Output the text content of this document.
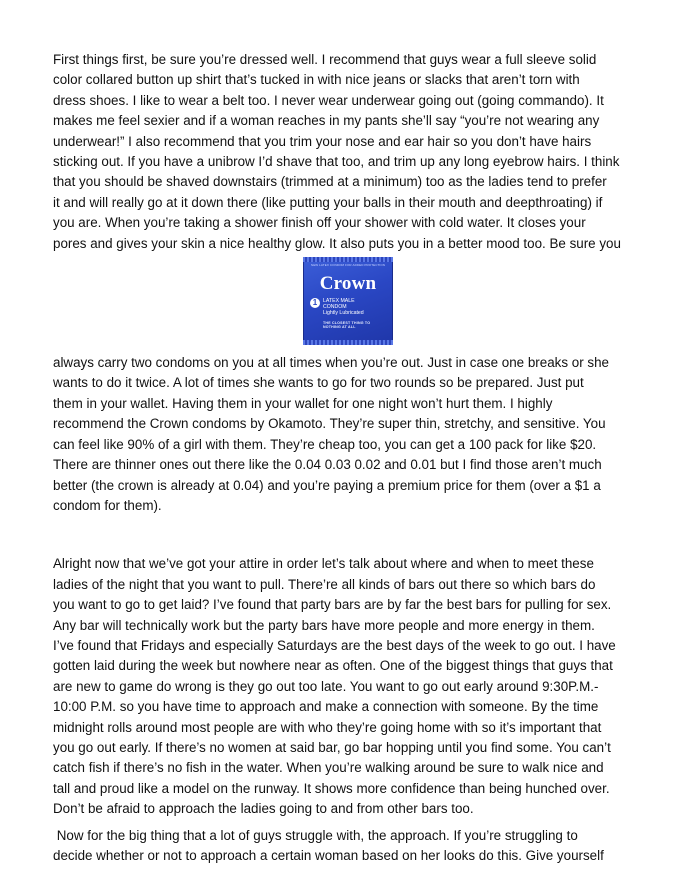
First things first, be sure you’re dressed well. I recommend that guys wear a full sleeve solid
color collared button up shirt that’s tucked in with nice jeans or slacks that aren’t torn with
dress shoes. I like to wear a belt too. I never wear underwear going out (going commando). It
makes me feel sexier and if a woman reaches in my pants she’ll say “you’re not wearing any
underwear!” I also recommend that you trim your nose and ear hair so you don’t have hairs
sticking out. If you have a unibrow I’d shave that too, and trim up any long eyebrow hairs. I think
that you should be shaved downstairs (trimmed at a minimum) too as the ladies tend to prefer
it and will really go at it down there (like putting your balls in their mouth and deepthroating) if
you are. When you’re taking a shower finish off your shower with cold water. It closes your
pores and gives your skin a nice healthy glow. It also puts you in a better mood too. Be sure you

NEW LATEX CONDOM FOR ADDED PROTECTION
Crown
1	LATEX MALE
CONDOM
Lightly Lubricated
THE CLOSEST THING TO NOTHING AT ALL

always carry two condoms on you at all times when you’re out. Just in case one breaks or she
wants to do it twice. A lot of times she wants to go for two rounds so be prepared. Just put
them in your wallet. Having them in your wallet for one night won’t hurt them. I highly
recommend the Crown condoms by Okamoto. They’re super thin, stretchy, and sensitive. You
can feel like 90% of a girl with them. They’re cheap too, you can get a 100 pack for like $20.
There are thinner ones out there like the 0.04 0.03 0.02 and 0.01 but I find those aren’t much
better (the crown is already at 0.04) and you’re paying a premium price for them (over a $1 a
condom for them).

Alright now that we’ve got your attire in order let’s talk about where and when to meet these
ladies of the night that you want to pull. There’re all kinds of bars out there so which bars do
you want to go to get laid? I’ve found that party bars are by far the best bars for pulling for sex.
Any bar will technically work but the party bars have more people and more energy in them.
I’ve found that Fridays and especially Saturdays are the best days of the week to go out. I have
gotten laid during the week but nowhere near as often. One of the biggest things that guys that
are new to game do wrong is they go out too late. You want to go out early around 9:30P.M.-
10:00 P.M. so you have time to approach and make a connection with someone. By the time
midnight rolls around most people are with who they’re going home with so it’s important that
you go out early. If there’s no women at said bar, go bar hopping until you find some. You can’t
catch fish if there’s no fish in the water. When you’re walking around be sure to walk nice and
tall and proud like a model on the runway. It shows more confidence than being hunched over.
Don’t be afraid to approach the ladies going to and from other bars too.

Now for the big thing that a lot of guys struggle with, the approach. If you’re struggling to
decide whether or not to approach a certain woman based on her looks do this. Give yourself
